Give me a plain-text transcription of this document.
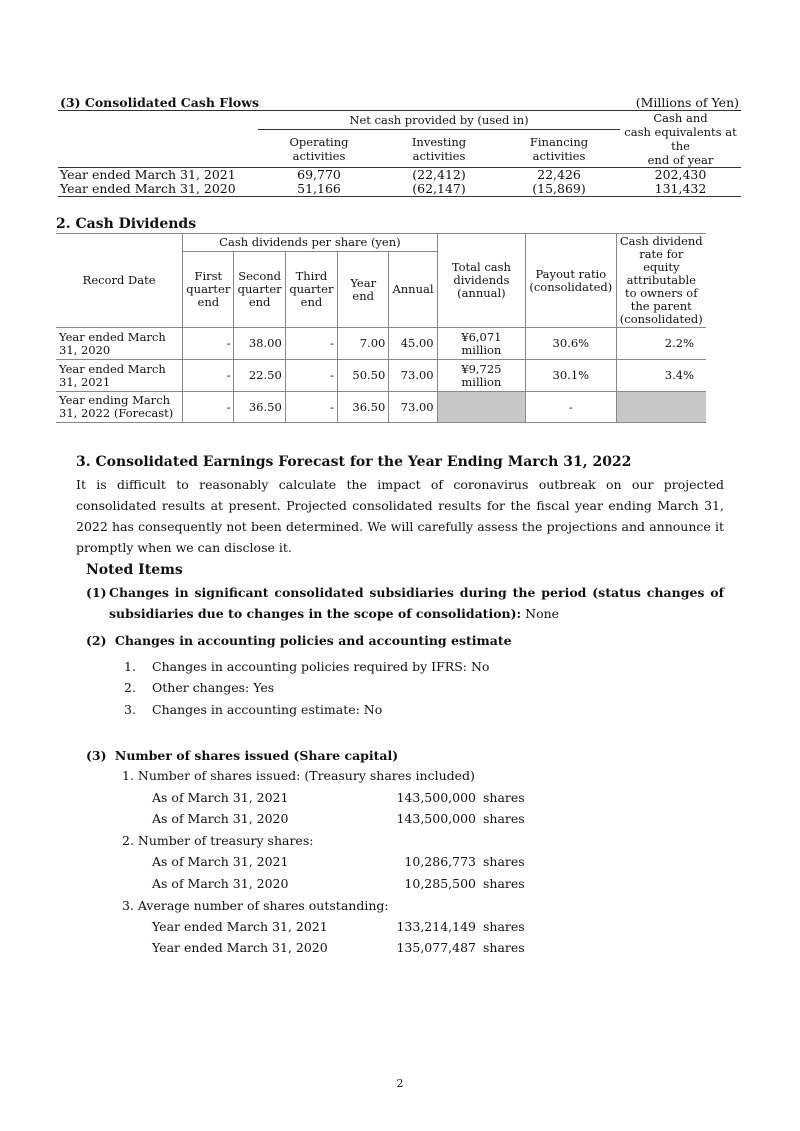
(3) Consolidated Cash Flows				(Millions of Yen)
	Net cash provided by (used in)			Cash and
cash equivalents at the
end of year
	Operating
activities	Investing
activities	Financing
activities	
Year ended March 31, 2021	69,770	(22,412)	22,426	202,430
Year ended March 31, 2020	51,166	(62,147)	(15,869)	131,432
2. Cash Dividends
Record Date	Cash dividends per share (yen)					Total cash dividends (annual)	Payout ratio (consolidated)	Cash dividend rate for equity attributable to owners of the parent (consolidated)
	First quarter end	Second quarter end	Third quarter end	Year end	Annual			
Year ended March 31, 2020	-	38.00	-	7.00	45.00	¥6,071 million	30.6%	2.2%
Year ended March 31, 2021	-	22.50	-	50.50	73.00	¥9,725 million	30.1%	3.4%
Year ending March 31, 2022 (Forecast)	-	36.50	-	36.50	73.00		-	
3. Consolidated Earnings Forecast for the Year Ending March 31, 2022
It is difficult to reasonably calculate the impact of coronavirus outbreak on our projected consolidated results at present. Projected consolidated results for the fiscal year ending March 31, 2022 has consequently not been determined. We will carefully assess the projections and announce it promptly when we can disclose it.
Noted Items
(1) Changes in significant consolidated subsidiaries during the period (status changes of subsidiaries due to changes in the scope of consolidation): None
(2) Changes in accounting policies and accounting estimate
1. Changes in accounting policies required by IFRS: No
2. Other changes: Yes
3. Changes in accounting estimate: No
(3) Number of shares issued (Share capital)
1. Number of shares issued: (Treasury shares included)
As of March 31, 2021	143,500,000 shares
As of March 31, 2020	143,500,000 shares
2. Number of treasury shares:
As of March 31, 2021	10,286,773 shares
As of March 31, 2020	10,285,500 shares
3. Average number of shares outstanding:
Year ended March 31, 2021	133,214,149 shares
Year ended March 31, 2020	135,077,487 shares
2
